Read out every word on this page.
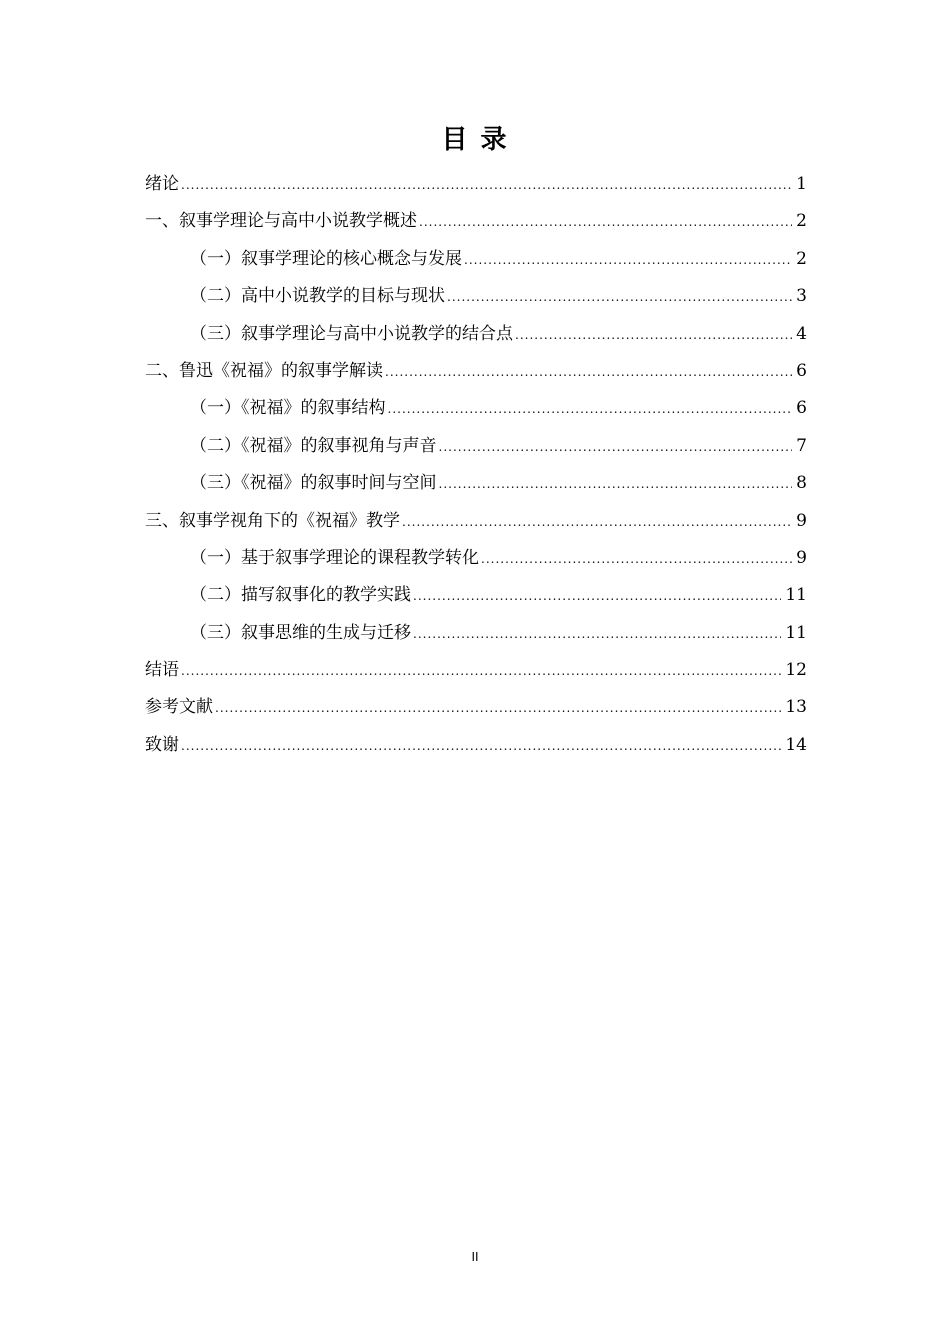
目 录
绪论 .....	1
一、叙事学理论与高中小说教学概述 .....	2
（一）叙事学理论的核心概念与发展 .....	2
（二）高中小说教学的目标与现状 .....	3
（三）叙事学理论与高中小说教学的结合点 .....	4
二、鲁迅《祝福》的叙事学解读 .....	6
（一）《祝福》的叙事结构 .....	6
（二）《祝福》的叙事视角与声音 .....	7
（三）《祝福》的叙事时间与空间 .....	8
三、叙事学视角下的《祝福》教学 .....	9
（一）基于叙事学理论的课程教学转化 .....	9
（二）描写叙事化的教学实践 .....	11
（三）叙事思维的生成与迁移 .....	11
结语 .....	12
参考文献 .....	13
致谢 .....	14
II
